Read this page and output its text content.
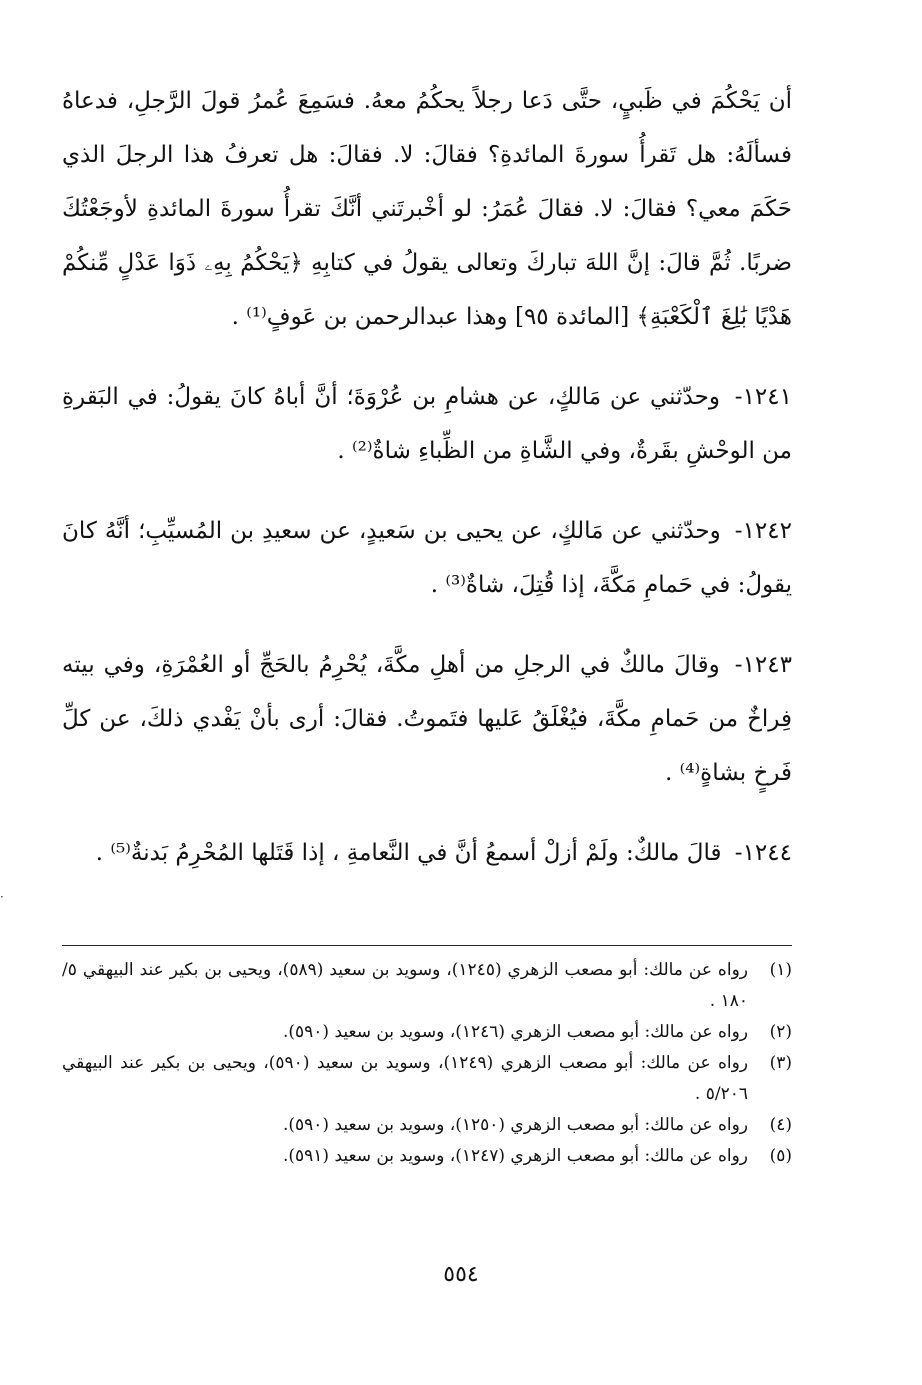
أن يَحْكُمَ في ظَبيٍ، حتَّى دَعا رجلاً يحكُمُ معهُ. فسَمِعَ عُمرُ قولَ الرَّجلِ، فدعاهُ فسألَهُ: هل تَقرأُ سورةَ المائدةِ؟ فقالَ: لا. فقالَ: هل تعرفُ هذا الرجلَ الذي حَكَمَ معي؟ فقالَ: لا. فقالَ عُمَرُ: لو أخْبرتَني أنَّكَ تقرأُ سورةَ المائدةِ لأوجَعْتُكَ ضربًا. ثُمَّ قالَ: إنَّ اللهَ تباركَ وتعالى يقولُ في كتابِهِ ﴿يَحْكُمُ بِهِۦ ذَوَا عَدْلٍ مِّنكُمْ هَدْيًا بَٰلِغَ ٱلْكَعْبَةِ﴾ [المائدة ٩٥] وهذا عبدالرحمن بن عَوفٍ⁽¹⁾ .

١٢٤١- وحدّثني عن مَالكٍ، عن هشامِ بن عُرْوَةَ؛ أنَّ أباهُ كانَ يقولُ: في البَقرةِ من الوحْشِ بقَرةٌ، وفي الشَّاةِ من الظِّباءِ شاةٌ⁽²⁾ .

١٢٤٢- وحدّثني عن مَالكٍ، عن يحيى بن سَعيدٍ، عن سعيدِ بن المُسيِّبِ؛ أنَّهُ كانَ يقولُ: في حَمامِ مَكَّةَ، إذا قُتِلَ، شاةٌ⁽³⁾ .

١٢٤٣- وقالَ مالكٌ في الرجلِ من أهلِ مكَّةَ، يُحْرِمُ بالحَجِّ أو العُمْرَةِ، وفي بيته فِراخٌ من حَمامِ مكَّةَ، فيُغْلَقُ عَليها فتَموتُ. فقالَ: أرى بأنْ يَفْدي ذلكَ، عن كلِّ فَرخٍ بشاةٍ⁽⁴⁾ .

١٢٤٤- قالَ مالكٌ: ولَمْ أزلْ أسمعُ أنَّ في النَّعامةِ ، إذا قَتَلها المُحْرِمُ بَدنةٌ⁽⁵⁾ .

(١)
رواه عن مالك: أبو مصعب الزهري (١٢٤٥)، وسويد بن سعيد (٥٨٩)، ويحيى بن بكير عند البيهقي ٥/ ١٨٠ .
(٢)
رواه عن مالك: أبو مصعب الزهري (١٢٤٦)، وسويد بن سعيد (٥٩٠).
(٣)
رواه عن مالك: أبو مصعب الزهري (١٢٤٩)، وسويد بن سعيد (٥٩٠)، ويحيى بن بكير عند البيهقي ٥/٢٠٦ .
(٤)
رواه عن مالك: أبو مصعب الزهري (١٢٥٠)، وسويد بن سعيد (٥٩٠).
(٥)
رواه عن مالك: أبو مصعب الزهري (١٢٤٧)، وسويد بن سعيد (٥٩١).
٥٥٤
·
